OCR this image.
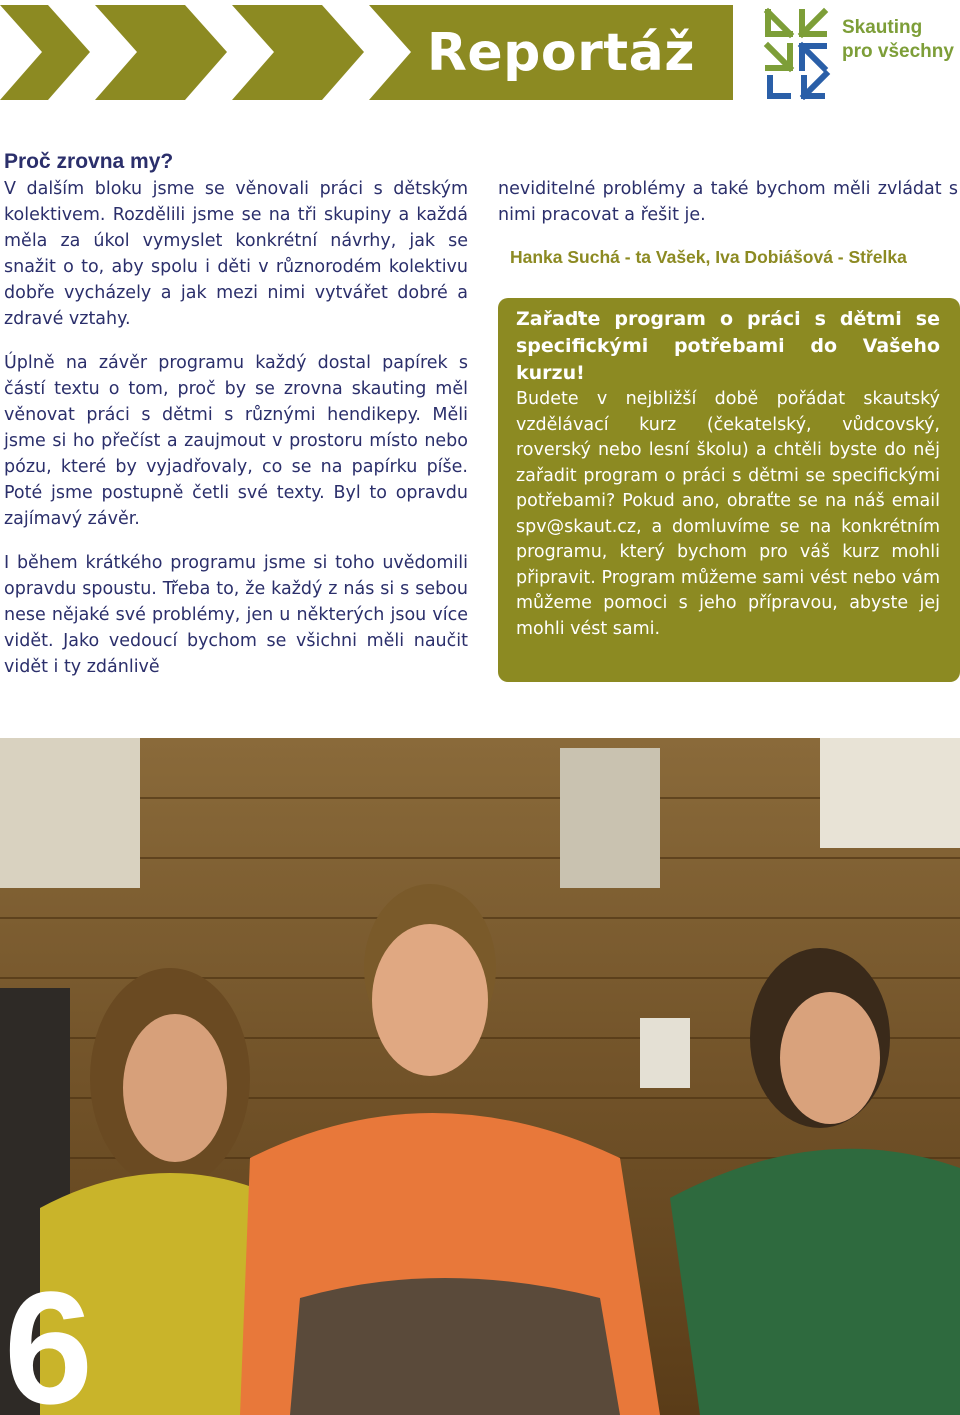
Reportáž	Skauting
pro všechny
Proč zrovna my?

V dalším bloku jsme se věnovali práci s dětským kolektivem. Rozdělili jsme se na tři skupiny a každá měla za úkol vymyslet konkrétní návrhy, jak se snažit o to, aby spolu i děti v různorodém kolektivu dobře vycházely a jak mezi nimi vytvářet dobré a zdravé vztahy.

Úplně na závěr programu každý dostal papírek s částí textu o tom, proč by se zrovna skauting měl věnovat práci s dětmi s různými hendikepy. Měli jsme si ho přečíst a zaujmout v prostoru místo nebo pózu, které by vyjadřovaly, co se na papírku píše. Poté jsme postupně četli své texty. Byl to opravdu zajímavý závěr.

I během krátkého programu jsme si toho uvědomili opravdu spoustu. Třeba to, že každý z nás si s sebou nese nějaké své problémy, jen u některých jsou více vidět. Jako vedoucí bychom se všichni měli naučit vidět i ty zdánlivě

neviditelné problémy a také bychom měli zvládat s nimi pracovat a řešit je.

Hanka Suchá - ta Vašek, Iva Dobiášová - Střelka
Zařaďte program o práci s dětmi se specifickými potřebami do Vašeho kurzu!

Budete v nejbližší době pořádat skautský vzdělávací kurz (čekatelský, vůdcovský, roverský nebo lesní školu) a chtěli byste do něj zařadit program o práci s dětmi se specifickými potřebami? Pokud ano, obraťte se na náš email spv@skaut.cz, a domluvíme se na konkrétním programu, který bychom pro váš kurz mohli připravit. Program můžeme sami vést nebo vám můžeme pomoci s jeho přípravou, abyste jej mohli vést sami.

6
